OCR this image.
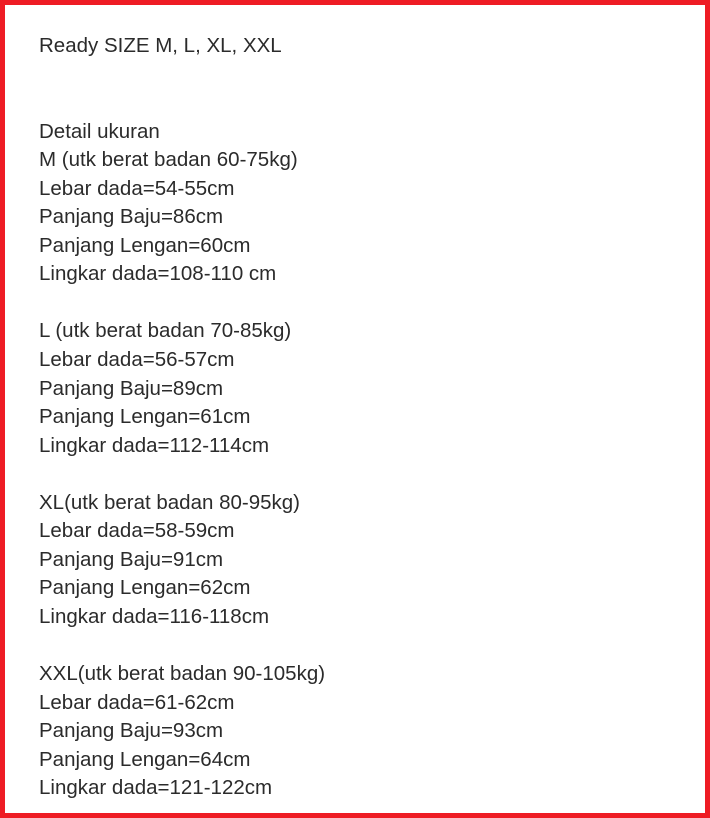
Ready SIZE M, L, XL, XXL
Detail ukuran
M (utk berat badan 60-75kg)
Lebar dada=54-55cm
Panjang Baju=86cm
Panjang Lengan=60cm
Lingkar dada=108-110 cm
L (utk berat badan 70-85kg)
Lebar dada=56-57cm
Panjang Baju=89cm
Panjang Lengan=61cm
Lingkar dada=112-114cm
XL(utk berat badan 80-95kg)
Lebar dada=58-59cm
Panjang Baju=91cm
Panjang Lengan=62cm
Lingkar dada=116-118cm
XXL(utk berat badan 90-105kg)
Lebar dada=61-62cm
Panjang Baju=93cm
Panjang Lengan=64cm
Lingkar dada=121-122cm
